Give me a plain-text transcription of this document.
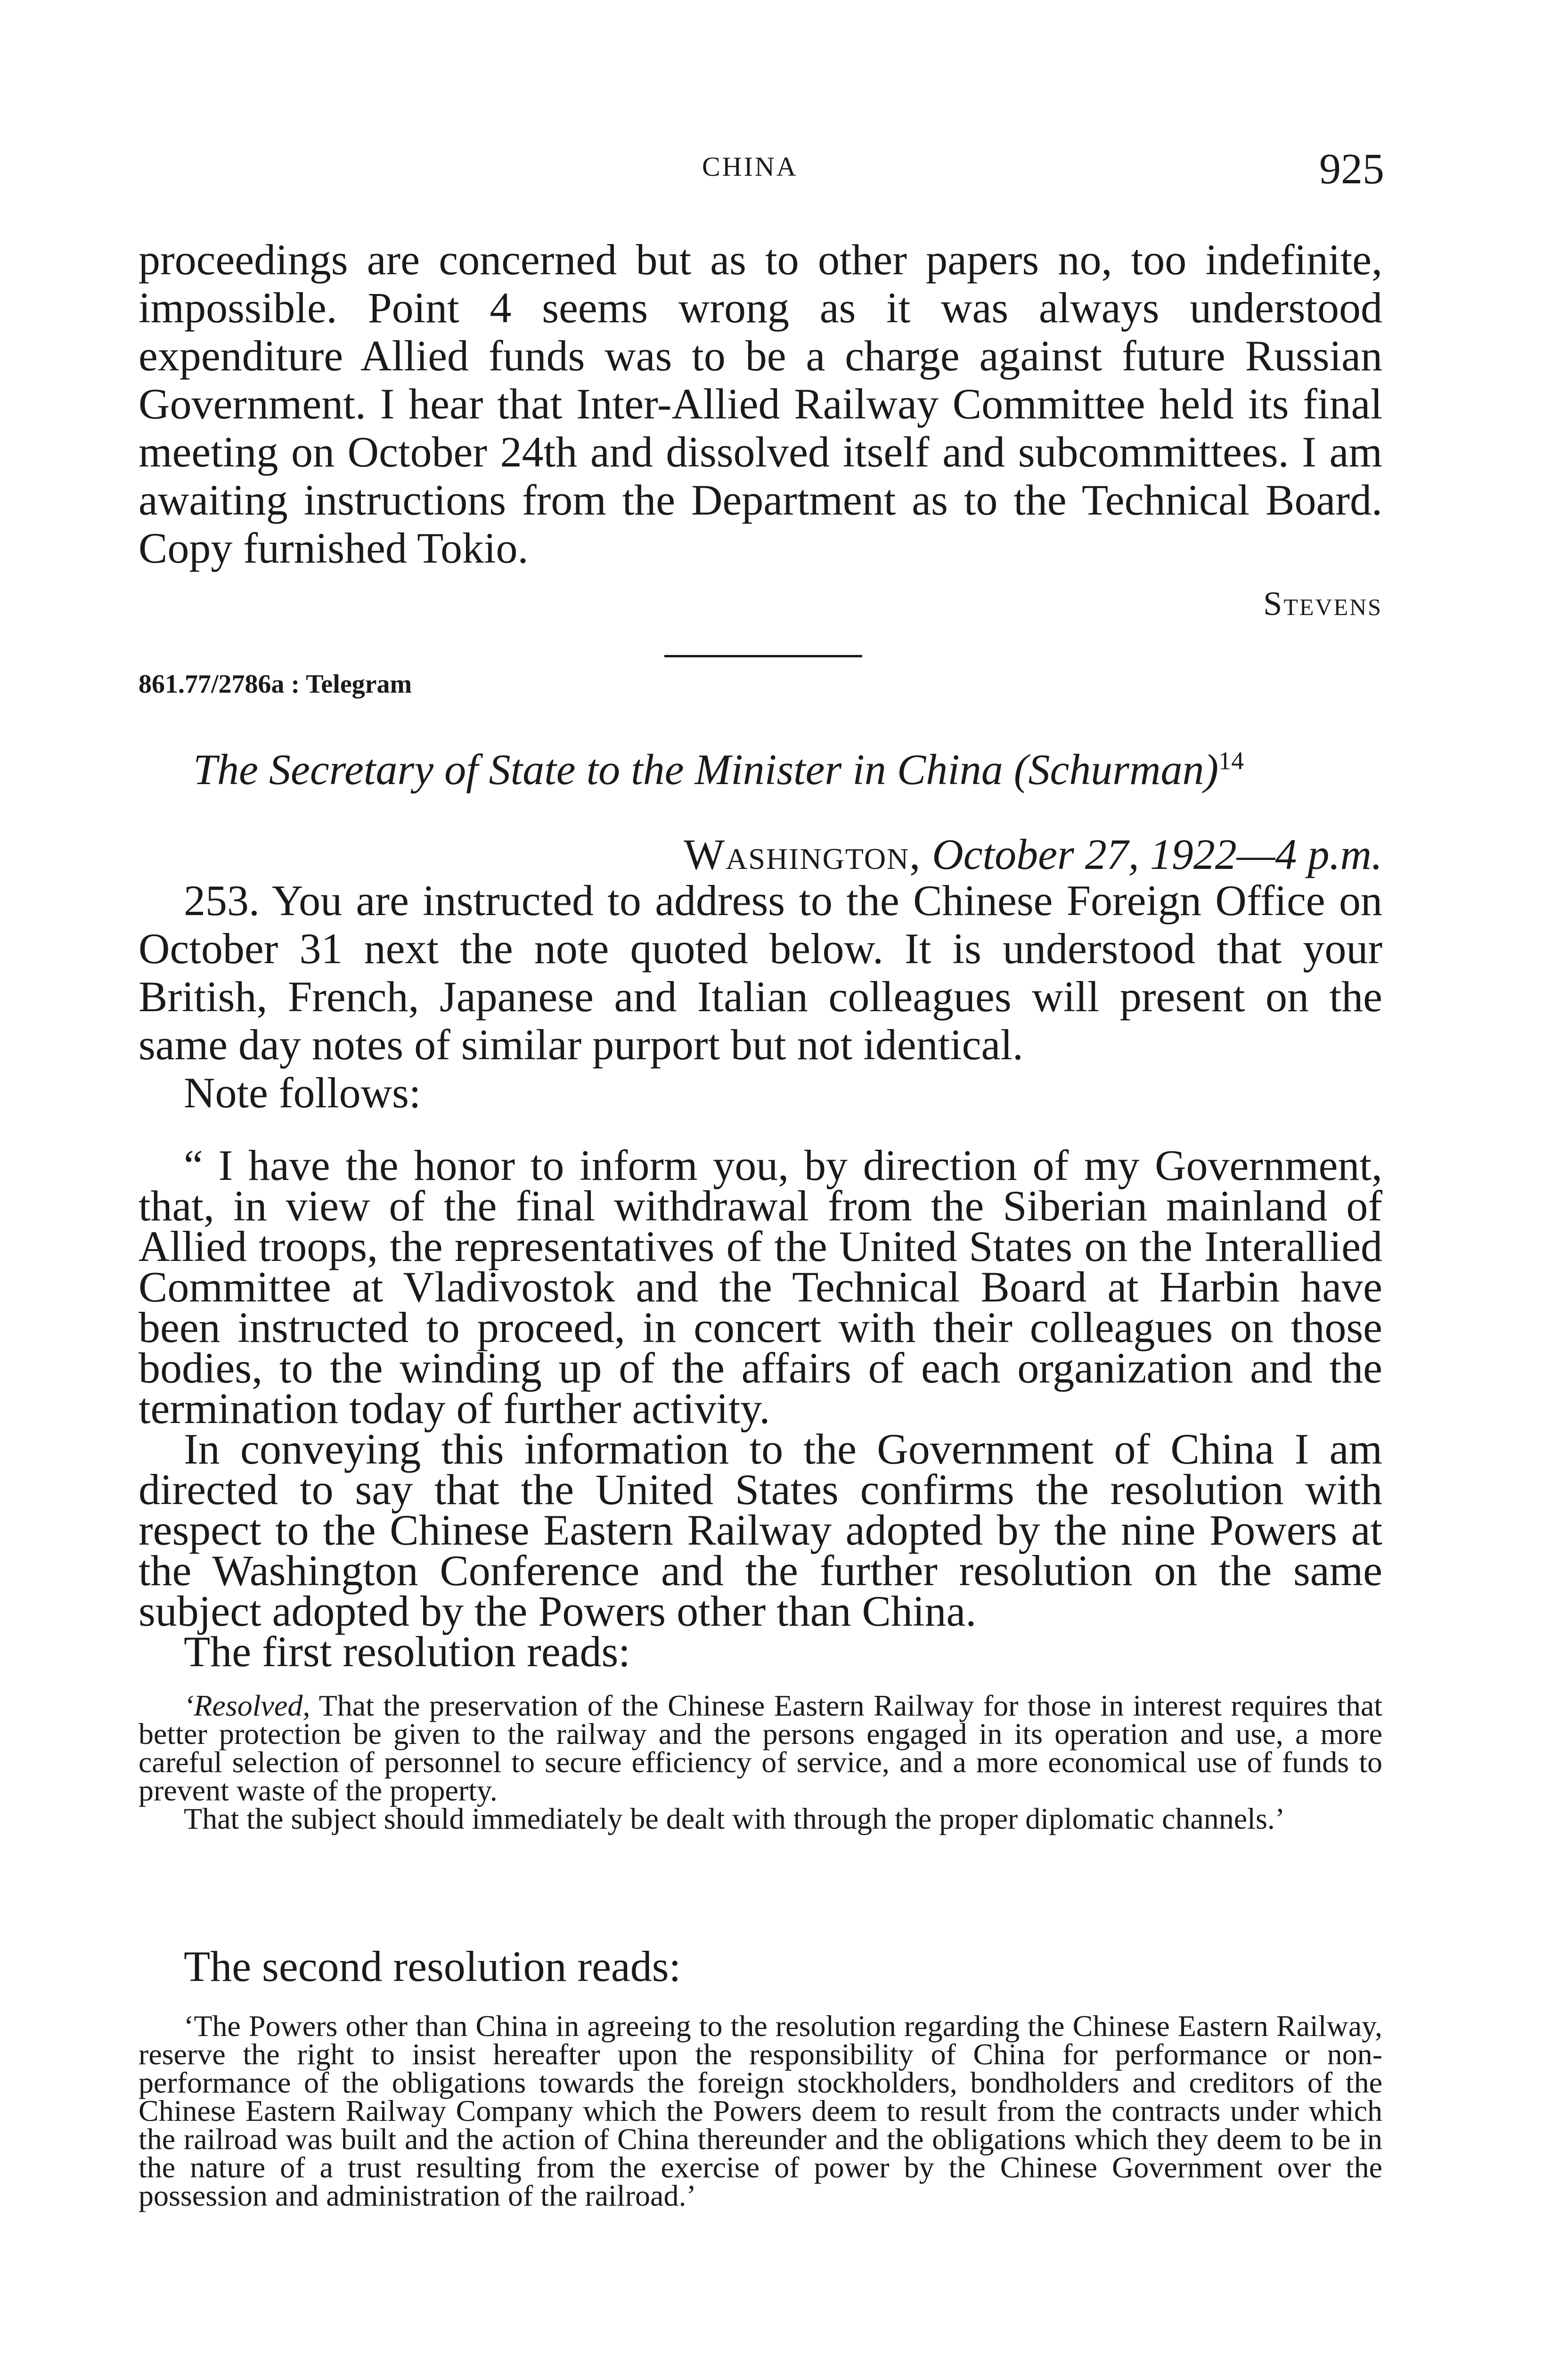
CHINA	925

proceedings are concerned but as to other papers no, too indefinite, impossible. Point 4 seems wrong as it was always understood expenditure Allied funds was to be a charge against future Russian Government. I hear that Inter-Allied Railway Committee held its final meeting on October 24th and dissolved itself and subcommittees. I am awaiting instructions from the Department as to the Technical Board. Copy furnished Tokio.

Stevens
861.77/2786a : Telegram
The Secretary of State to the Minister in China (Schurman)$^{14}$
Washington, October 27, 1922—4 p.m.

253. You are instructed to address to the Chinese Foreign Office on October 31 next the note quoted below. It is understood that your British, French, Japanese and Italian colleagues will present on the same day notes of similar purport but not identical.

Note follows:

“ I have the honor to inform you, by direction of my Government, that, in view of the final withdrawal from the Siberian mainland of Allied troops, the representatives of the United States on the Interallied Committee at Vladivostok and the Technical Board at Harbin have been instructed to proceed, in concert with their colleagues on those bodies, to the winding up of the affairs of each organization and the termination today of further activity.

In conveying this information to the Government of China I am directed to say that the United States confirms the resolution with respect to the Chinese Eastern Railway adopted by the nine Powers at the Washington Conference and the further resolution on the same subject adopted by the Powers other than China.

The first resolution reads:

‘Resolved, That the preservation of the Chinese Eastern Railway for those in interest requires that better protection be given to the railway and the persons engaged in its operation and use, a more careful selection of personnel to secure efficiency of service, and a more economical use of funds to prevent waste of the property.

That the subject should immediately be dealt with through the proper diplomatic channels.’

The second resolution reads:

‘The Powers other than China in agreeing to the resolution regarding the Chinese Eastern Railway, reserve the right to insist hereafter upon the responsibility of China for performance or non-performance of the obligations towards the foreign stockholders, bondholders and creditors of the Chinese Eastern Railway Company which the Powers deem to result from the contracts under which the railroad was built and the action of China thereunder and the obligations which they deem to be in the nature of a trust resulting from the exercise of power by the Chinese Government over the possession and administration of the railroad.’
